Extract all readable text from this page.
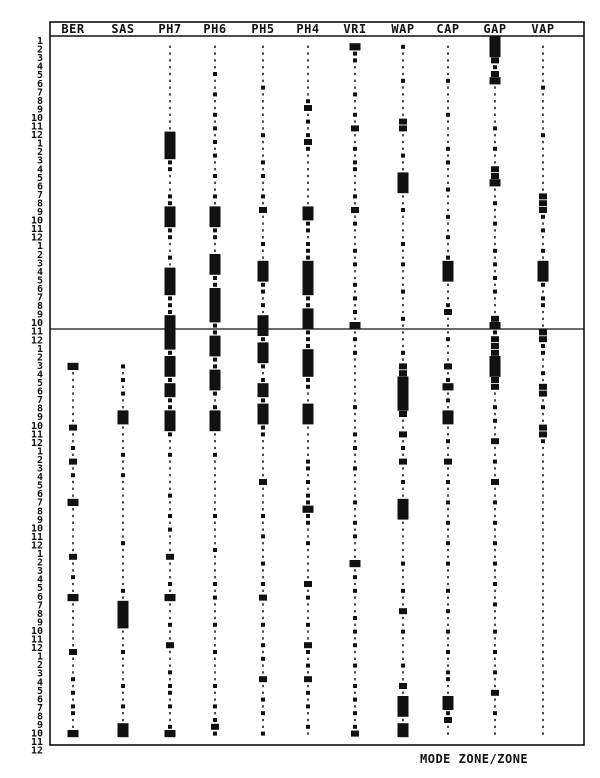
BER SAS PH7 PH6 PH5 PH4 VRI WAP CAP GAP VAP
1
2
3
4
5
6
7
8
9
10
11
12
1
2
3
4
5
6
7
8
9
10
11
12
1
2
3
4
5
6
7
8
9
10
11
12
1
2
3
4
5
6
7
8
9
10
11
12
1
2
3
4
5
6
7
8
9
10
11
12
1
2
3
4
5
6
7
8
9
10
11
12
1
2
3
4
5
6
7
8
9
10
11
12
MODE ZONE/ZONE
